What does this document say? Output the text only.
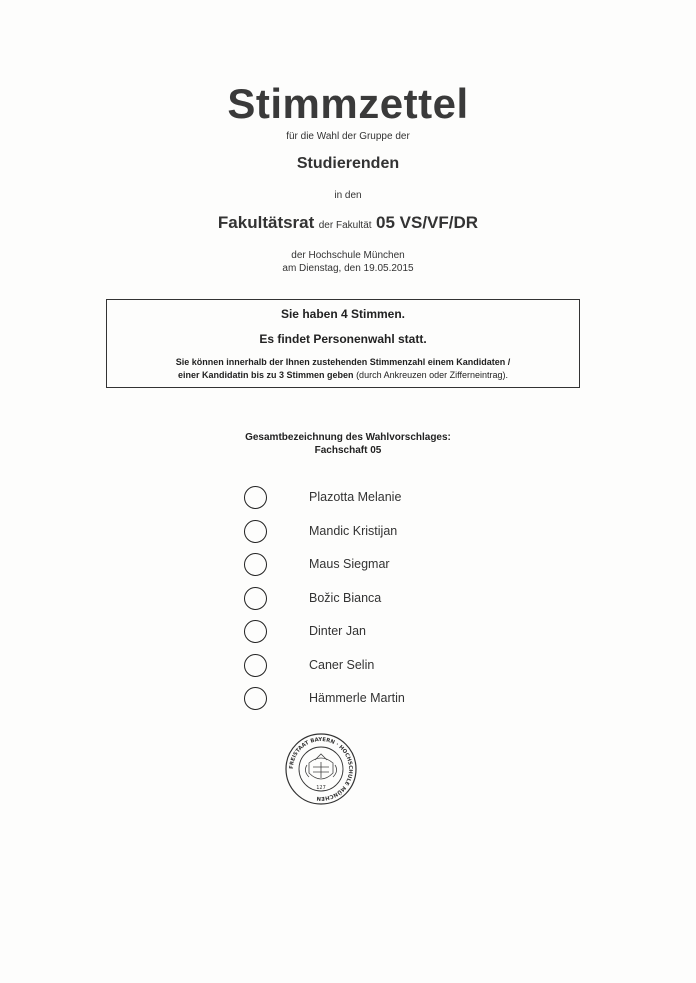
Stimmzettel
für die Wahl der Gruppe der
Studierenden
in den
Fakultätsrat der Fakultät 05 VS/VF/DR
der Hochschule München
am Dienstag, den 19.05.2015
Sie haben 4 Stimmen.
Es findet Personenwahl statt.
Sie können innerhalb der Ihnen zustehenden Stimmenzahl einem Kandidaten /
einer Kandidatin bis zu 3 Stimmen geben (durch Ankreuzen oder Zifferneintrag).
Gesamtbezeichnung des Wahlvorschlages:
Fachschaft 05
Plazotta Melanie
Mandic Kristijan
Maus Siegmar
Božic Bianca
Dinter Jan
Caner Selin
Hämmerle Martin
FREISTAAT BAYERN · HOCHSCHULE MÜNCHEN
127
